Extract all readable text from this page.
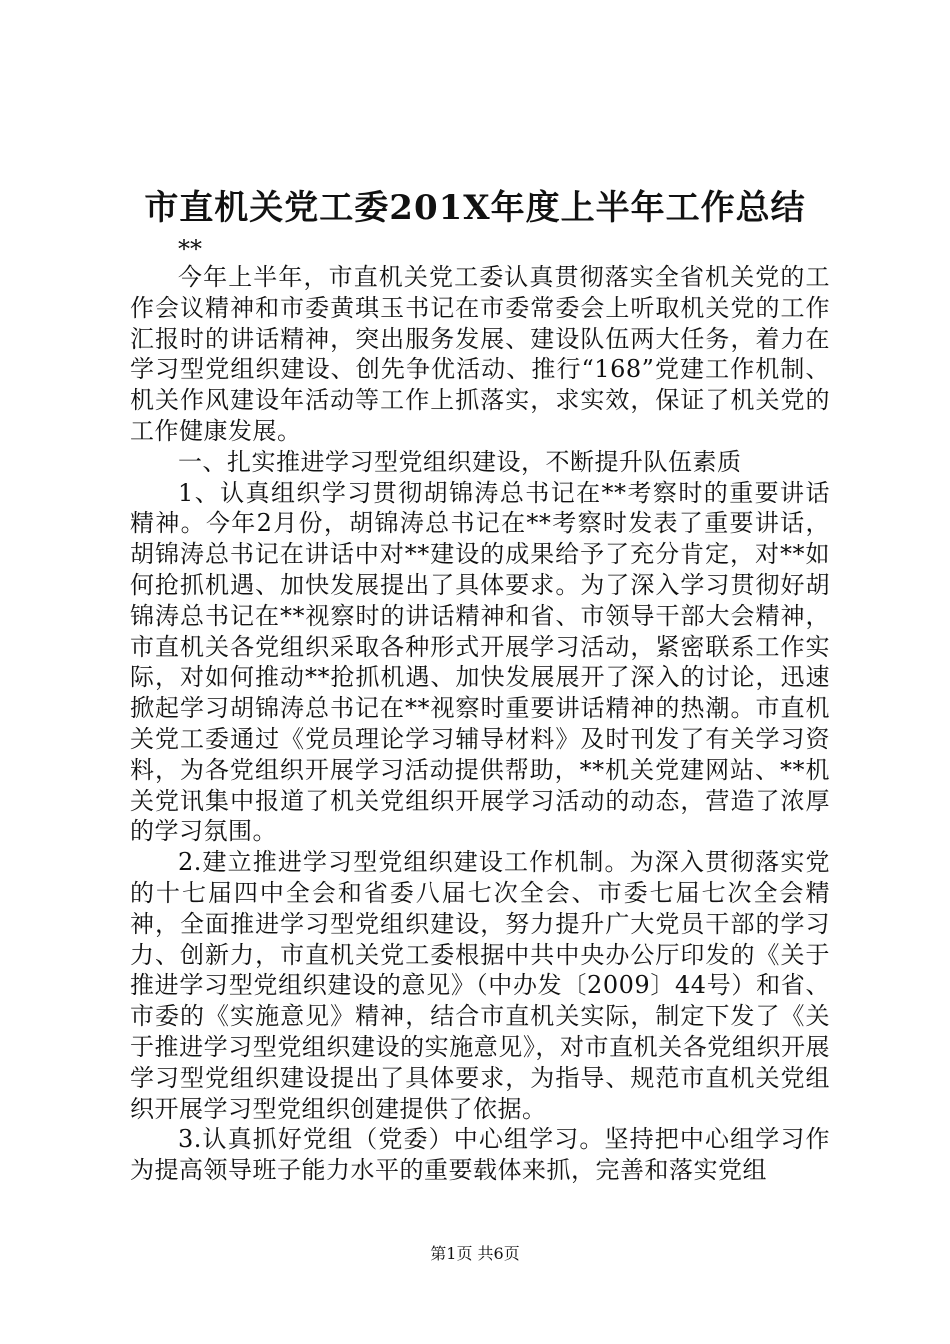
市直机关党工委201X年度上半年工作总结

**

今年上半年，市直机关党工委认真贯彻落实全省机关党的工作会议精神和市委黄琪玉书记在市委常委会上听取机关党的工作汇报时的讲话精神，突出服务发展、建设队伍两大任务，着力在学习型党组织建设、创先争优活动、推行“168”党建工作机制、机关作风建设年活动等工作上抓落实，求实效，保证了机关党的工作健康发展。

一、扎实推进学习型党组织建设，不断提升队伍素质

1、认真组织学习贯彻胡锦涛总书记在**考察时的重要讲话精神。今年2月份，胡锦涛总书记在**考察时发表了重要讲话，胡锦涛总书记在讲话中对**建设的成果给予了充分肯定，对**如何抢抓机遇、加快发展提出了具体要求。为了深入学习贯彻好胡锦涛总书记在**视察时的讲话精神和省、市领导干部大会精神，市直机关各党组织采取各种形式开展学习活动，紧密联系工作实际，对如何推动**抢抓机遇、加快发展展开了深入的讨论，迅速掀起学习胡锦涛总书记在**视察时重要讲话精神的热潮。市直机关党工委通过《党员理论学习辅导材料》及时刊发了有关学习资料，为各党组织开展学习活动提供帮助，**机关党建网站、**机关党讯集中报道了机关党组织开展学习活动的动态，营造了浓厚的学习氛围。

2.建立推进学习型党组织建设工作机制。为深入贯彻落实党的十七届四中全会和省委八届七次全会、市委七届七次全会精神，全面推进学习型党组织建设，努力提升广大党员干部的学习力、创新力，市直机关党工委根据中共中央办公厅印发的《关于推进学习型党组织建设的意见》（中办发〔2009〕44号）和省、市委的《实施意见》精神，结合市直机关实际，制定下发了《关于推进学习型党组织建设的实施意见》，对市直机关各党组织开展学习型党组织建设提出了具体要求，为指导、规范市直机关党组织开展学习型党组织创建提供了依据。

3.认真抓好党组（党委）中心组学习。坚持把中心组学习作为提高领导班子能力水平的重要载体来抓，完善和落实党组

第1页 共6页
